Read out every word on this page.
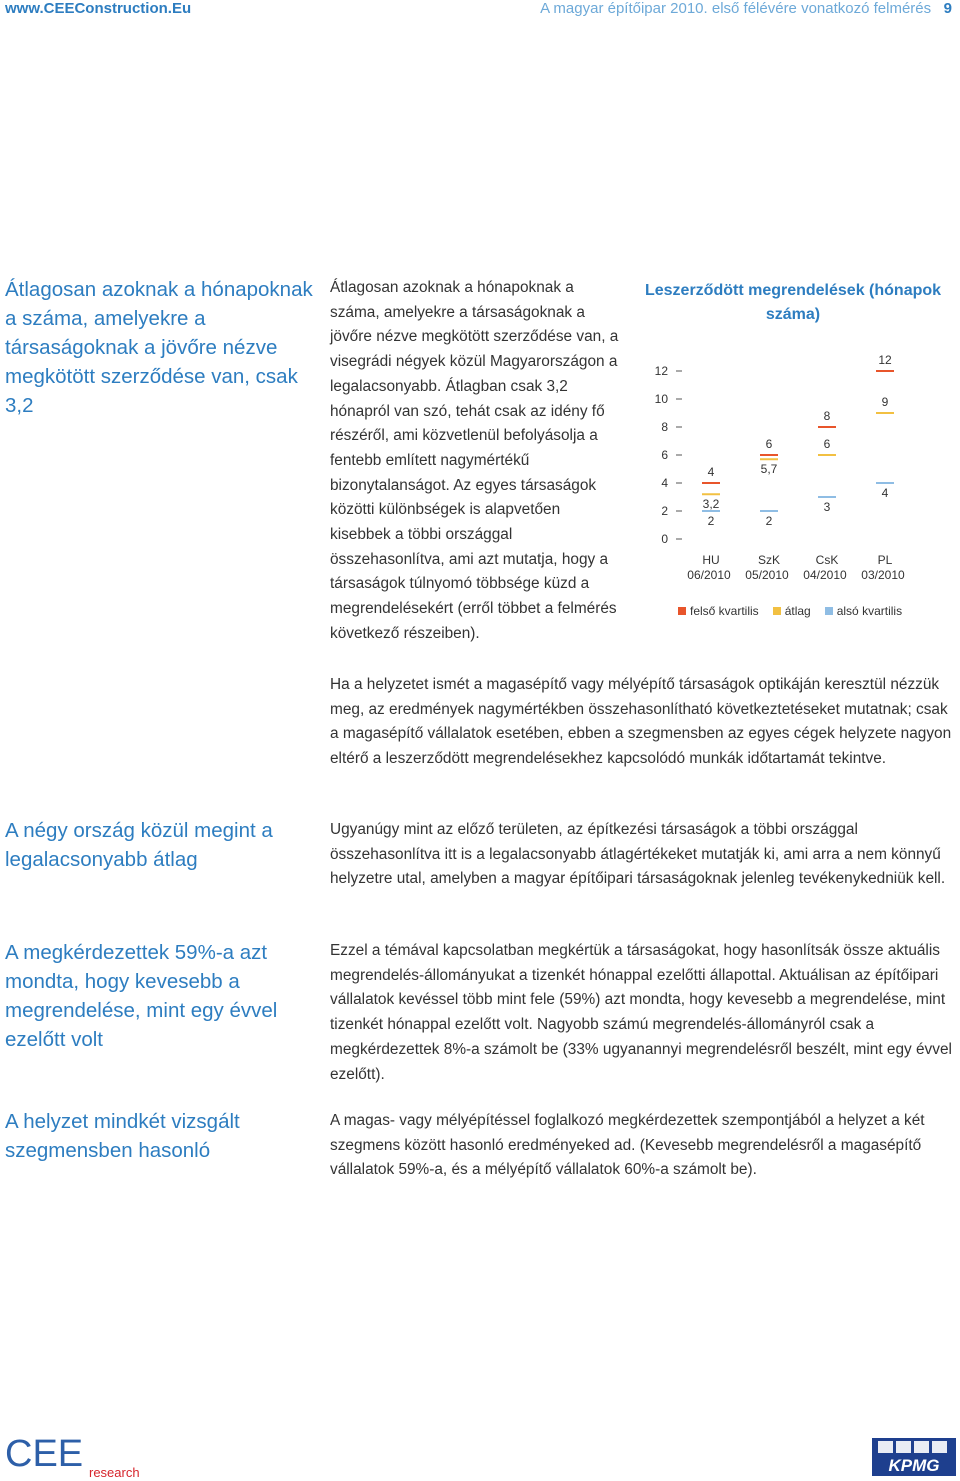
www.CEEConstruction.Eu	A magyar építőipar 2010. első félévére vonatkozó felmérés 9
Átlagosan azoknak a hónapoknak a száma, amelyekre a társaságoknak a jövőre nézve megkötött szerződése van, csak 3,2
A négy ország közül megint a legalacsonyabb átlag
A megkérdezettek 59%-a azt mondta, hogy kevesebb a megrendelése, mint egy évvel ezelőtt volt
A helyzet mindkét vizsgált szegmensben hasonló
Átlagosan azoknak a hónapoknak a száma, amelyekre a társaságoknak a jövőre nézve megkötött szerződése van, a visegrádi négyek közül Magyarországon a legalacsonyabb. Átlagban csak 3,2 hónapról van szó, tehát csak az idény fő részéről, ami közvetlenül befolyásolja a fentebb említett nagymértékű bizonytalanságot. Az egyes társaságok közötti különbségek is alapvetően kisebbek a többi országgal összehasonlítva, ami azt mutatja, hogy a társaságok túlnyomó többsége küzd a megrendelésekért (erről többet a felmérés következő részeiben).
Ha a helyzetet ismét a magasépítő vagy mélyépítő társaságok optikáján keresztül nézzük meg, az eredmények nagymértékben összehasonlítható következtetéseket mutatnak; csak a magasépítő vállalatok esetében, ebben a szegmensben az egyes cégek helyzete nagyon eltérő a leszerződött megrendelésekhez kapcsolódó munkák időtartamát tekintve.
Ugyanúgy mint az előző területen, az építkezési társaságok a többi országgal összehasonlítva itt is a legalacsonyabb átlagértékeket mutatják ki, ami arra a nem könnyű helyzetre utal, amelyben a magyar építőipari társaságoknak jelenleg tevékenykedniük kell.
Ezzel a témával kapcsolatban megkértük a társaságokat, hogy hasonlítsák össze aktuális megrendelés-állományukat a tizenkét hónappal ezelőtti állapottal. Aktuálisan az építőipari vállalatok kevéssel több mint fele (59%) azt mondta, hogy kevesebb a megrendelése, mint tizenkét hónappal ezelőtt volt. Nagyobb számú megrendelés-állományról csak a megkérdezettek 8%-a számolt be (33% ugyanannyi megrendelésről beszélt, mint egy évvel ezelőtt).
A magas- vagy mélyépítéssel foglalkozó megkérdezettek szempontjából a helyzet a két szegmens között hasonló eredményeked ad. (Kevesebb megrendelésről a magasépítő vállalatok 59%-a, és a mélyépítő vállalatok 60%-a számolt be).
Leszerződött megrendelések (hónapok száma)
0
2
4
6
8
10
12
HU
06/2010
4
3,2
2
SzK
05/2010
6
5,7
2
CsK
04/2010
8
6
3
PL
03/2010
12
9
4
felső kvartilis	átlag	alsó kvartilis
CEE research	KPMG
